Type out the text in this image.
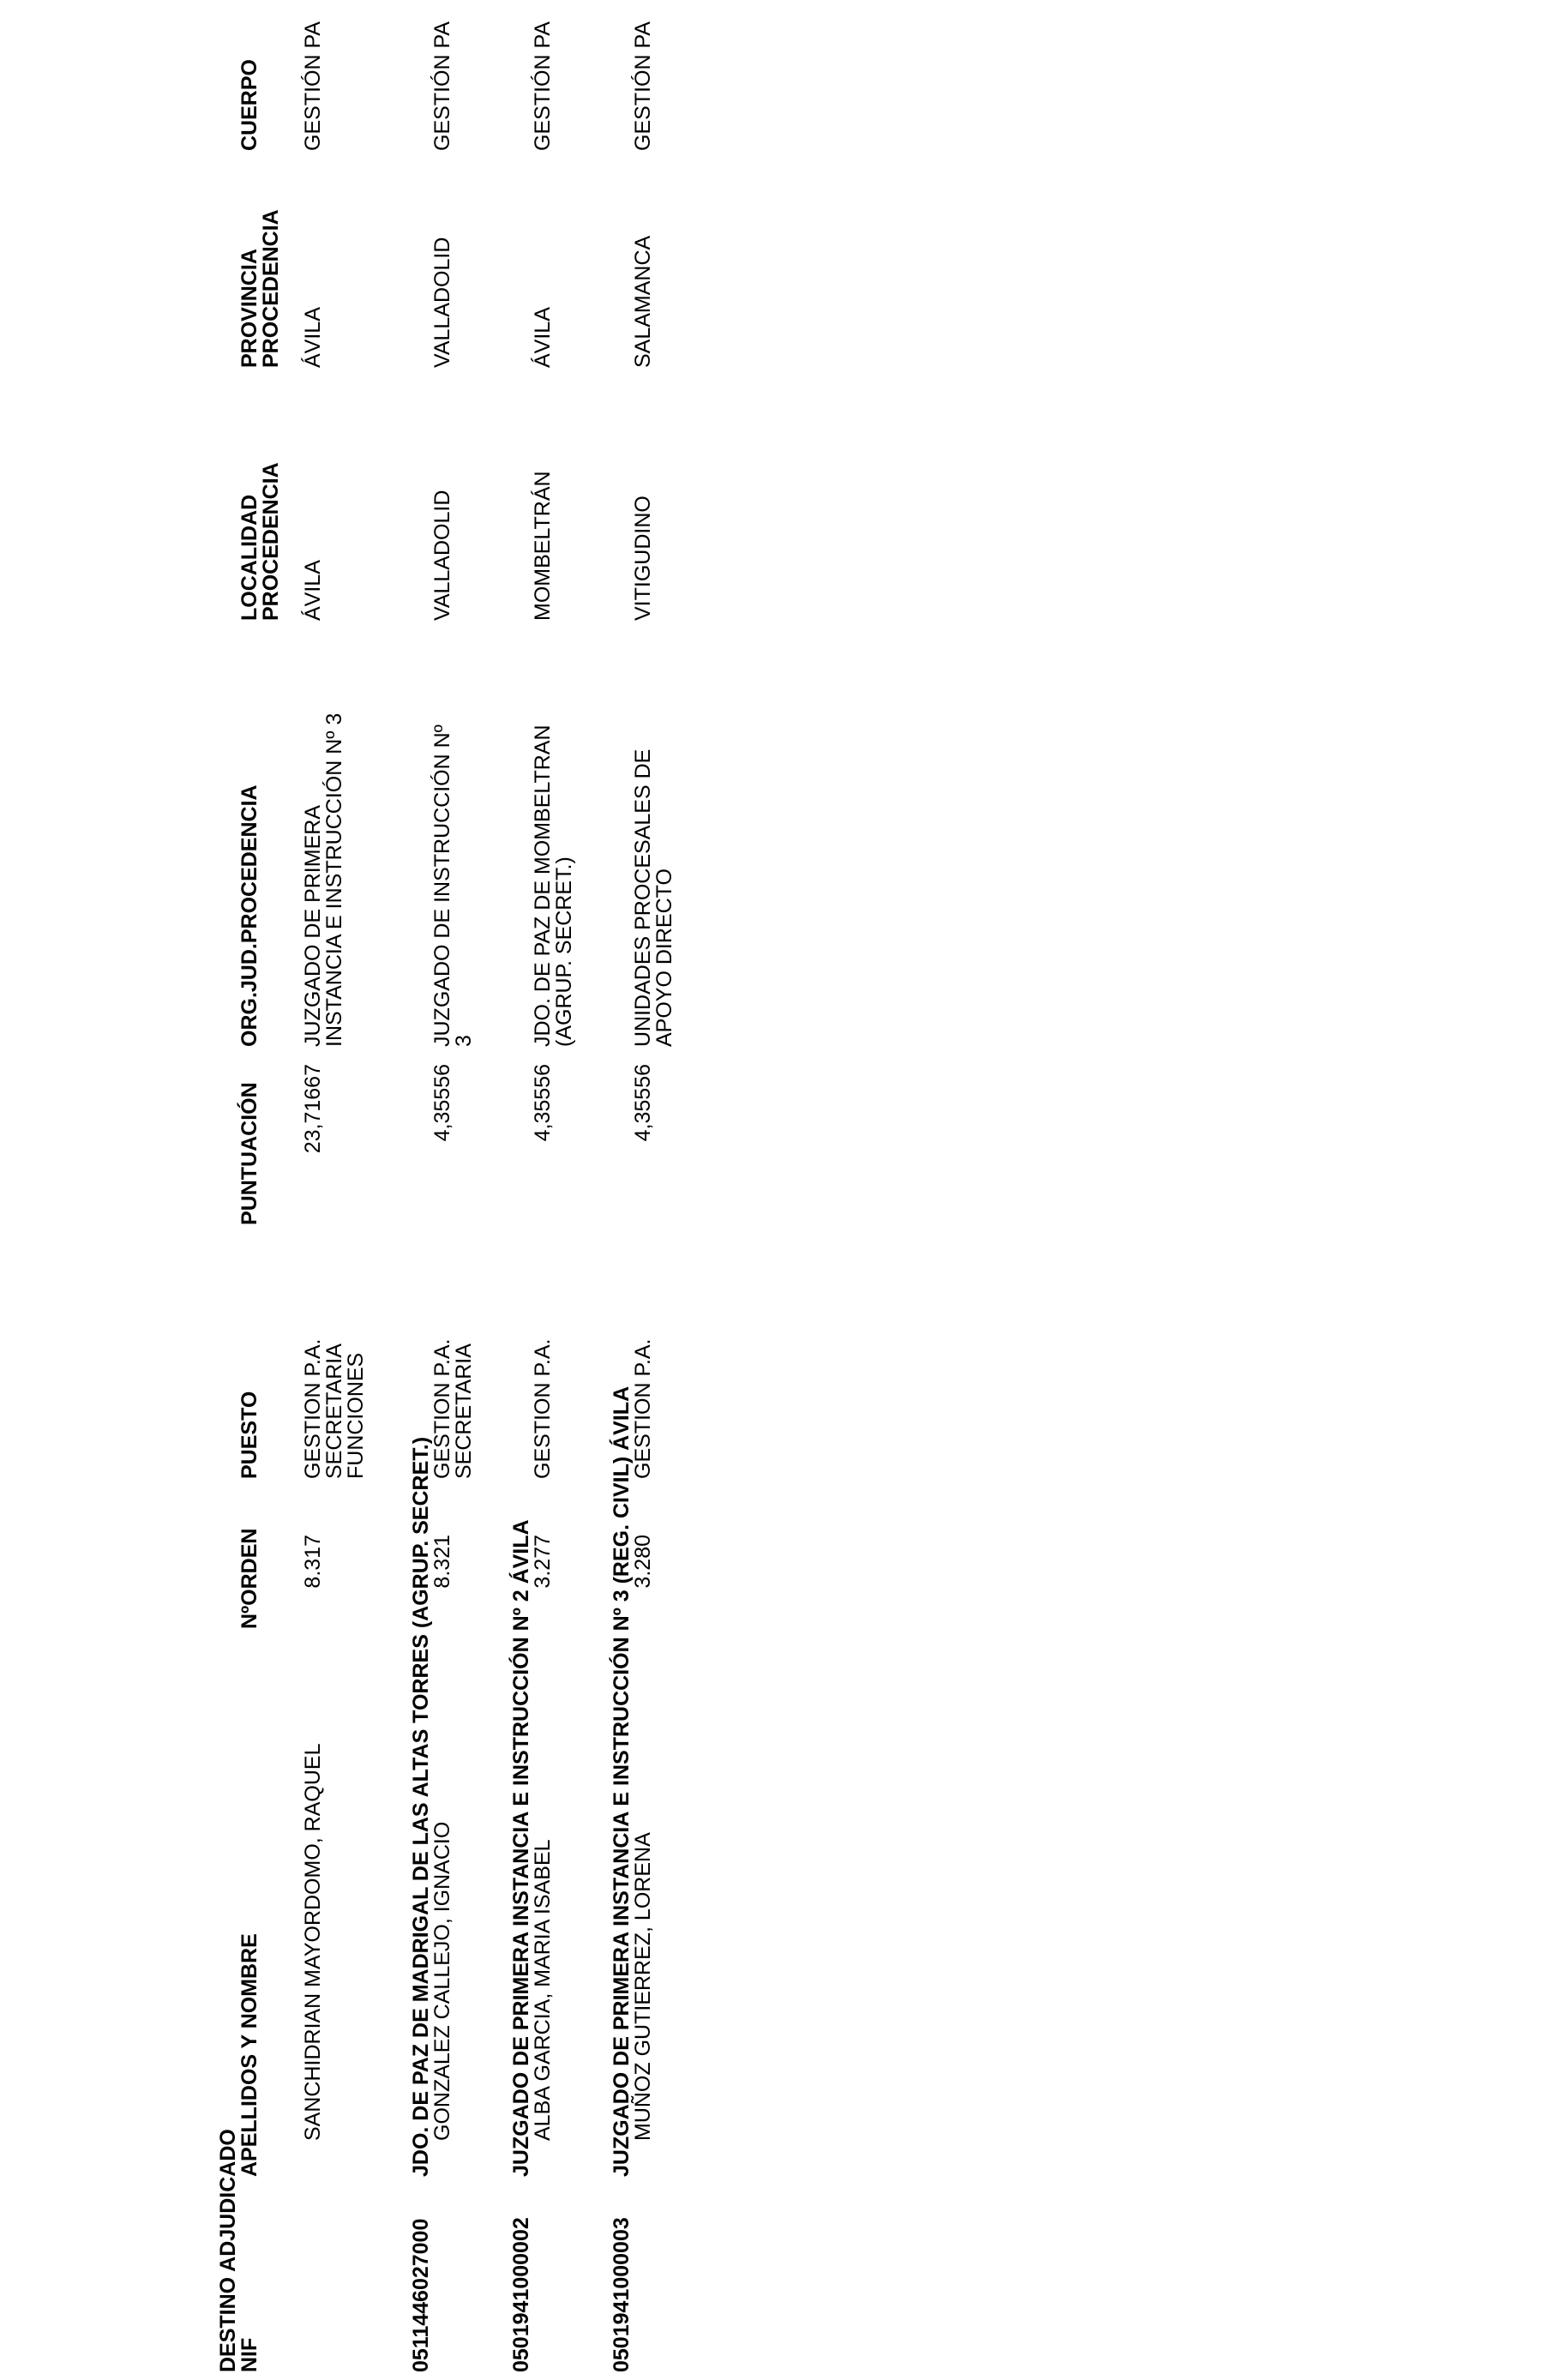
DESTINO ADJUDICADO
NIF
APELLIDOS Y NOMBRE
NºORDEN
PUESTO
PUNTUACIÓN
ORG.JUD.PROCEDENCIA
LOCALIDAD
PROCEDENCIA
PROVINCIA
PROCEDENCIA
CUERPO
SANCHIDRIAN MAYORDOMO, RAQUEL
8.317
GESTION P.A.
SECRETARIA
FUNCIONES
23,71667
JUZGADO DE PRIMERA
INSTANCIA E INSTRUCCIÓN Nº 3
ÁVILA
ÁVILA
GESTIÓN PA
0511446027000
JDO. DE PAZ DE MADRIGAL DE LAS ALTAS TORRES (AGRUP. SECRET.)
GONZALEZ CALLEJO, IGNACIO
8.321
GESTION P.A.
SECRETARIA
4,35556
JUZGADO DE INSTRUCCIÓN Nº
3
VALLADOLID
VALLADOLID
GESTIÓN PA
0501941000002
JUZGADO DE PRIMERA INSTANCIA E INSTRUCCIÓN Nº 2 ÁVILA
ALBA GARCIA, MARIA ISABEL
3.277
GESTION P.A.
4,35556
JDO. DE PAZ DE MOMBELTRAN
(AGRUP. SECRET.)
MOMBELTRÁN
ÁVILA
GESTIÓN PA
0501941000003
JUZGADO DE PRIMERA INSTANCIA E INSTRUCCIÓN Nº 3 (REG. CIVIL) ÁVILA
MUÑOZ GUTIERREZ, LORENA
3.280
GESTION P.A.
4,35556
UNIDADES PROCESALES DE
APOYO DIRECTO
VITIGUDINO
SALAMANCA
GESTIÓN PA
